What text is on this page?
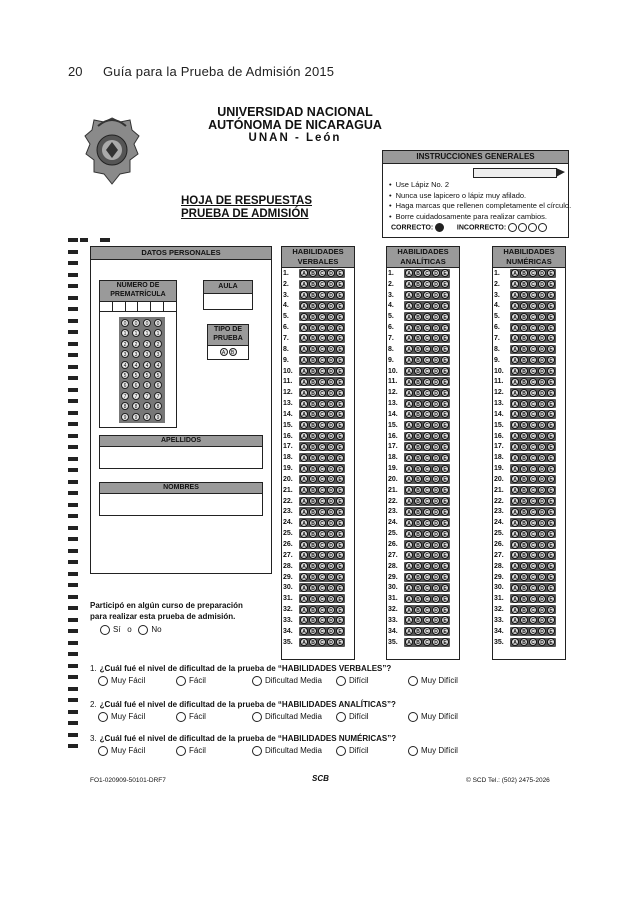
20 Guía para la Prueba de Admisión 2015
UNIVERSIDAD NACIONAL
AUTÓNOMA DE NICARAGUA
UNAN - León
HOJA DE RESPUESTAS
PRUEBA DE ADMISIÓN
INSTRUCCIONES GENERALES
• Use Lápiz No. 2
• Nunca use lapicero o lápiz muy afilado.
• Haga marcas que rellenen completamente el círculo.
• Borre cuidadosamente para realizar cambios.
CORRECTO:	INCORRECTO:
DATOS PERSONALES
NÚMERO DE PREMATRÍCULA
0
1
2
3
4
5
6
7
8
9
0
1
2
3
4
5
6
7
8
9
0
1
2
3
4
5
6
7
8
9
0
1
2
3
4
5
6
7
8
9
AULA
TIPO DE PRUEBA
A	B
APELLIDOS
NOMBRES
HABILIDADES VERBALES
1.	A	B	C	D	E
2.	A	B	C	D	E
3.	A	B	C	D	E
4.	A	B	C	D	E
5.	A	B	C	D	E
6.	A	B	C	D	E
7.	A	B	C	D	E
8.	A	B	C	D	E
9.	A	B	C	D	E
10.	A	B	C	D	E
11.	A	B	C	D	E
12.	A	B	C	D	E
13.	A	B	C	D	E
14.	A	B	C	D	E
15.	A	B	C	D	E
16.	A	B	C	D	E
17.	A	B	C	D	E
18.	A	B	C	D	E
19.	A	B	C	D	E
20.	A	B	C	D	E
21.	A	B	C	D	E
22.	A	B	C	D	E
23.	A	B	C	D	E
24.	A	B	C	D	E
25.	A	B	C	D	E
26.	A	B	C	D	E
27.	A	B	C	D	E
28.	A	B	C	D	E
29.	A	B	C	D	E
30.	A	B	C	D	E
31.	A	B	C	D	E
32.	A	B	C	D	E
33.	A	B	C	D	E
34.	A	B	C	D	E
35.	A	B	C	D	E
HABILIDADES ANALÍTICAS
1.	A	B	C	D	E
2.	A	B	C	D	E
3.	A	B	C	D	E
4.	A	B	C	D	E
5.	A	B	C	D	E
6.	A	B	C	D	E
7.	A	B	C	D	E
8.	A	B	C	D	E
9.	A	B	C	D	E
10.	A	B	C	D	E
11.	A	B	C	D	E
12.	A	B	C	D	E
13.	A	B	C	D	E
14.	A	B	C	D	E
15.	A	B	C	D	E
16.	A	B	C	D	E
17.	A	B	C	D	E
18.	A	B	C	D	E
19.	A	B	C	D	E
20.	A	B	C	D	E
21.	A	B	C	D	E
22.	A	B	C	D	E
23.	A	B	C	D	E
24.	A	B	C	D	E
25.	A	B	C	D	E
26.	A	B	C	D	E
27.	A	B	C	D	E
28.	A	B	C	D	E
29.	A	B	C	D	E
30.	A	B	C	D	E
31.	A	B	C	D	E
32.	A	B	C	D	E
33.	A	B	C	D	E
34.	A	B	C	D	E
35.	A	B	C	D	E
HABILIDADES NUMÉRICAS
1.	A	B	C	D	E
2.	A	B	C	D	E
3.	A	B	C	D	E
4.	A	B	C	D	E
5.	A	B	C	D	E
6.	A	B	C	D	E
7.	A	B	C	D	E
8.	A	B	C	D	E
9.	A	B	C	D	E
10.	A	B	C	D	E
11.	A	B	C	D	E
12.	A	B	C	D	E
13.	A	B	C	D	E
14.	A	B	C	D	E
15.	A	B	C	D	E
16.	A	B	C	D	E
17.	A	B	C	D	E
18.	A	B	C	D	E
19.	A	B	C	D	E
20.	A	B	C	D	E
21.	A	B	C	D	E
22.	A	B	C	D	E
23.	A	B	C	D	E
24.	A	B	C	D	E
25.	A	B	C	D	E
26.	A	B	C	D	E
27.	A	B	C	D	E
28.	A	B	C	D	E
29.	A	B	C	D	E
30.	A	B	C	D	E
31.	A	B	C	D	E
32.	A	B	C	D	E
33.	A	B	C	D	E
34.	A	B	C	D	E
35.	A	B	C	D	E
Participó en algún curso de preparación
para realizar esta prueba de admisión.
Sí o No
1. ¿Cuál fué el nivel de dificultad de la prueba de “HABILIDADES VERBALES”?
Muy Fácil	Fácil	Dificultad Media	Difícil	Muy Difícil
2. ¿Cuál fué el nivel de dificultad de la prueba de “HABILIDADES ANALÍTICAS”?
Muy Fácil	Fácil	Dificultad Media	Difícil	Muy Difícil
3. ¿Cuál fué el nivel de dificultad de la prueba de “HABILIDADES NUMÉRICAS”?
Muy Fácil	Fácil	Dificultad Media	Difícil	Muy Difícil
FO1-020909-50101-DRF7	SCB	© SCD Tel.: (502) 2475-2026
